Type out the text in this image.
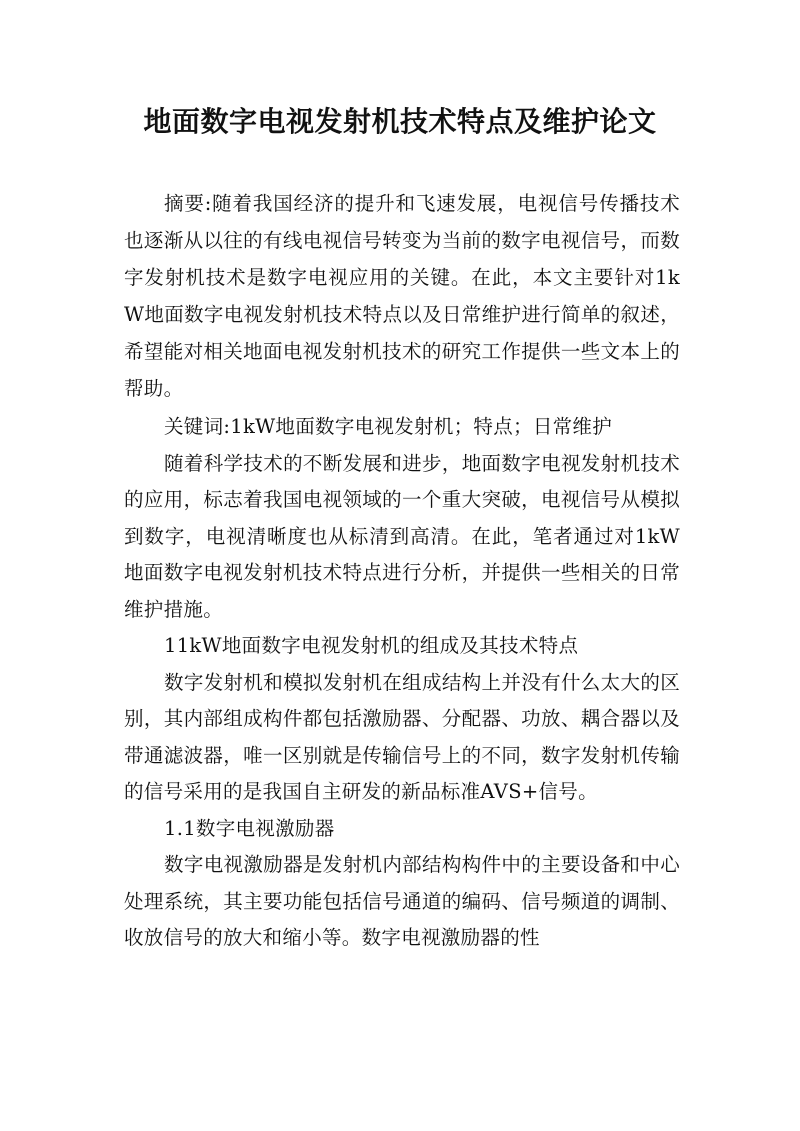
地面数字电视发射机技术特点及维护论文

摘要:随着我国经济的提升和飞速发展，电视信号传播技术也逐渐从以往的有线电视信号转变为当前的数字电视信号，而数字发射机技术是数字电视应用的关键。在此，本文主要针对1kW地面数字电视发射机技术特点以及日常维护进行简单的叙述，希望能对相关地面电视发射机技术的研究工作提供一些文本上的帮助。

关键词:1kW地面数字电视发射机；特点；日常维护

随着科学技术的不断发展和进步，地面数字电视发射机技术的应用，标志着我国电视领域的一个重大突破，电视信号从模拟到数字，电视清晰度也从标清到高清。在此，笔者通过对1kW地面数字电视发射机技术特点进行分析，并提供一些相关的日常维护措施。

11kW地面数字电视发射机的组成及其技术特点

数字发射机和模拟发射机在组成结构上并没有什么太大的区别，其内部组成构件都包括激励器、分配器、功放、耦合器以及带通滤波器，唯一区别就是传输信号上的不同，数字发射机传输的信号采用的是我国自主研发的新品标准AVS+信号。

1.1数字电视激励器

数字电视激励器是发射机内部结构构件中的主要设备和中心处理系统，其主要功能包括信号通道的编码、信号频道的调制、收放信号的放大和缩小等。数字电视激励器的性
